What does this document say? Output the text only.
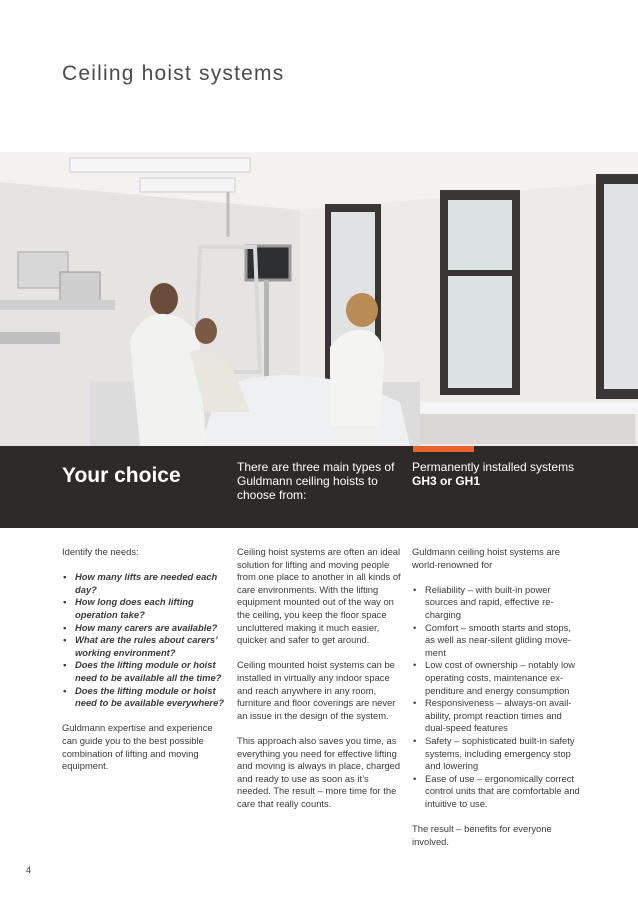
Ceiling hoist systems
Your choice	There are three main types of Guldmann ceiling hoists to choose from:
Permanently installed systems
GH3 or GH1

Identify the needs:

• How many lifts are needed each day?
• How long does each lifting operation take?
• How many carers are available?
• What are the rules about carers’ working environment?
• Does the lifting module or hoist need to be available all the time?
• Does the lifting module or hoist need to be available everywhere?

Guldmann expertise and experience can guide you to the best possible combination of lifting and moving equipment.

Ceiling hoist systems are often an ideal solution for lifting and moving people from one place to another in all kinds of care environments. With the lifting equipment mounted out of the way on the ceiling, you keep the floor space uncluttered making it much easier, quicker and safer to get around.

Ceiling mounted hoist systems can be installed in virtually any indoor space and reach anywhere in any room, furniture and floor coverings are never an issue in the design of the system.

This approach also saves you time, as everything you need for effective lifting and moving is always in place, charged and ready to use as soon as it’s needed. The result – more time for the care that really counts.

Guldmann ceiling hoist systems are world-renowned for

• Reliability – with built-in power sources and rapid, effective re-charging
• Comfort – smooth starts and stops, as well as near-silent gliding move-ment
• Low cost of ownership – notably low operating costs, maintenance ex-penditure and energy consumption
• Responsiveness – always-on avail-ability, prompt reaction times and dual-speed features
• Safety – sophisticated built-in safety systems, including emergency stop and lowering
• Ease of use – ergonomically correct control units that are comfortable and intuitive to use.

The result – benefits for everyone involved.

4
